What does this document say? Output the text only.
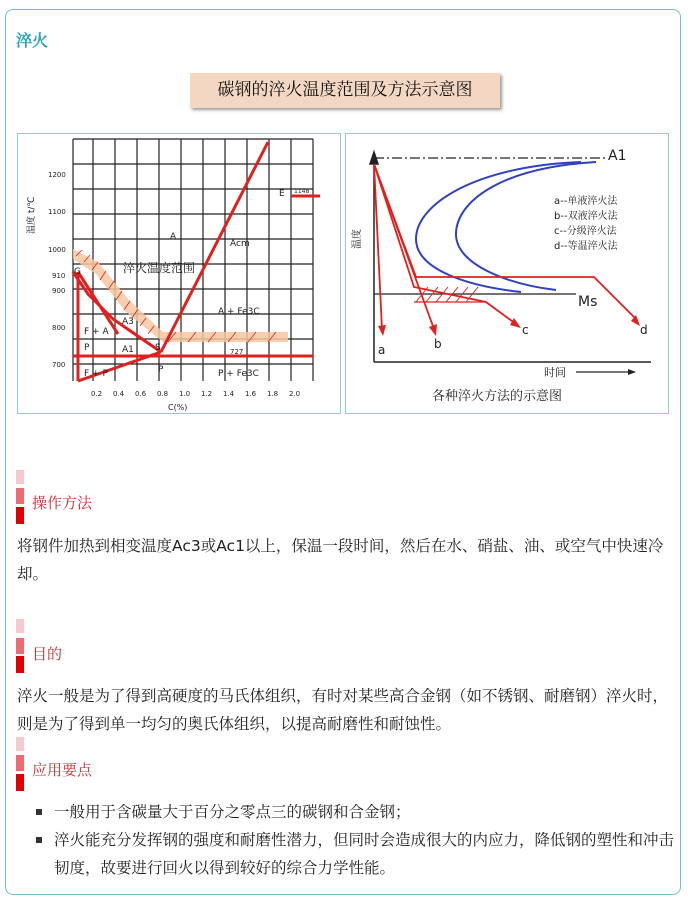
淬火
碳钢的淬火温度范围及方法示意图
1200
1100
1000
910
900
800
700
0.2 0.4 0.6 0.8 1.0 1.2 1.4 1.6 1.8 2.0
C(%)
温度 t/℃
A
Acm
淬火温度范围
A3
A + Fe3C
F + A
P	A1 S	727
P
F + P	P + Fe3C
G
E 1148
A1
Ms
a	b
c	d
a--单液淬火法
b--双液淬火法
c--分级淬火法
d--等温淬火法
温度
时间
各种淬火方法的示意图
操作方法
将钢件加热到相变温度Ac3或Ac1以上，保温一段时间，然后在水、硝盐、油、或空气中快速冷却。
目的
淬火一般是为了得到高硬度的马氏体组织，有时对某些高合金钢（如不锈钢、耐磨钢）淬火时，则是为了得到单一均匀的奥氏体组织，以提高耐磨性和耐蚀性。
应用要点
一般用于含碳量大于百分之零点三的碳钢和合金钢；
淬火能充分发挥钢的强度和耐磨性潜力，但同时会造成很大的内应力，降低钢的塑性和冲击韧度，故要进行回火以得到较好的综合力学性能。
